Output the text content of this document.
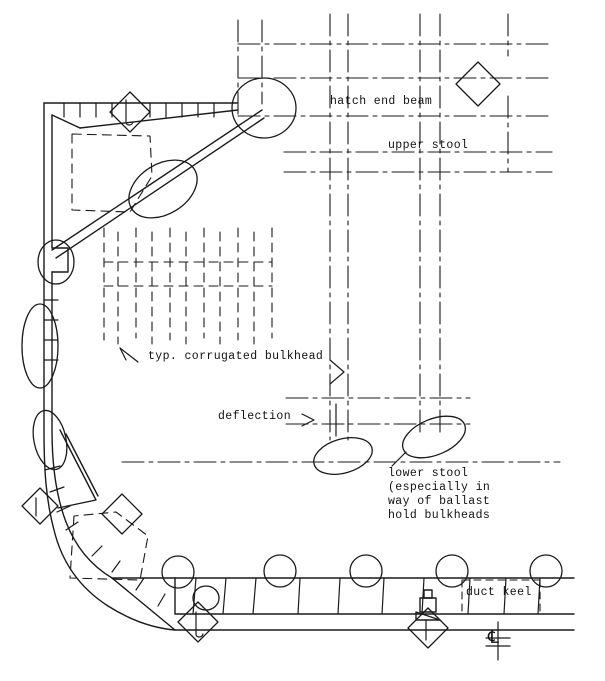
hatch end beam
upper stool
typ. corrugated bulkhead
deflection
lower stool
(especially in
way of ballast
hold bulkheads
duct keel
℄
